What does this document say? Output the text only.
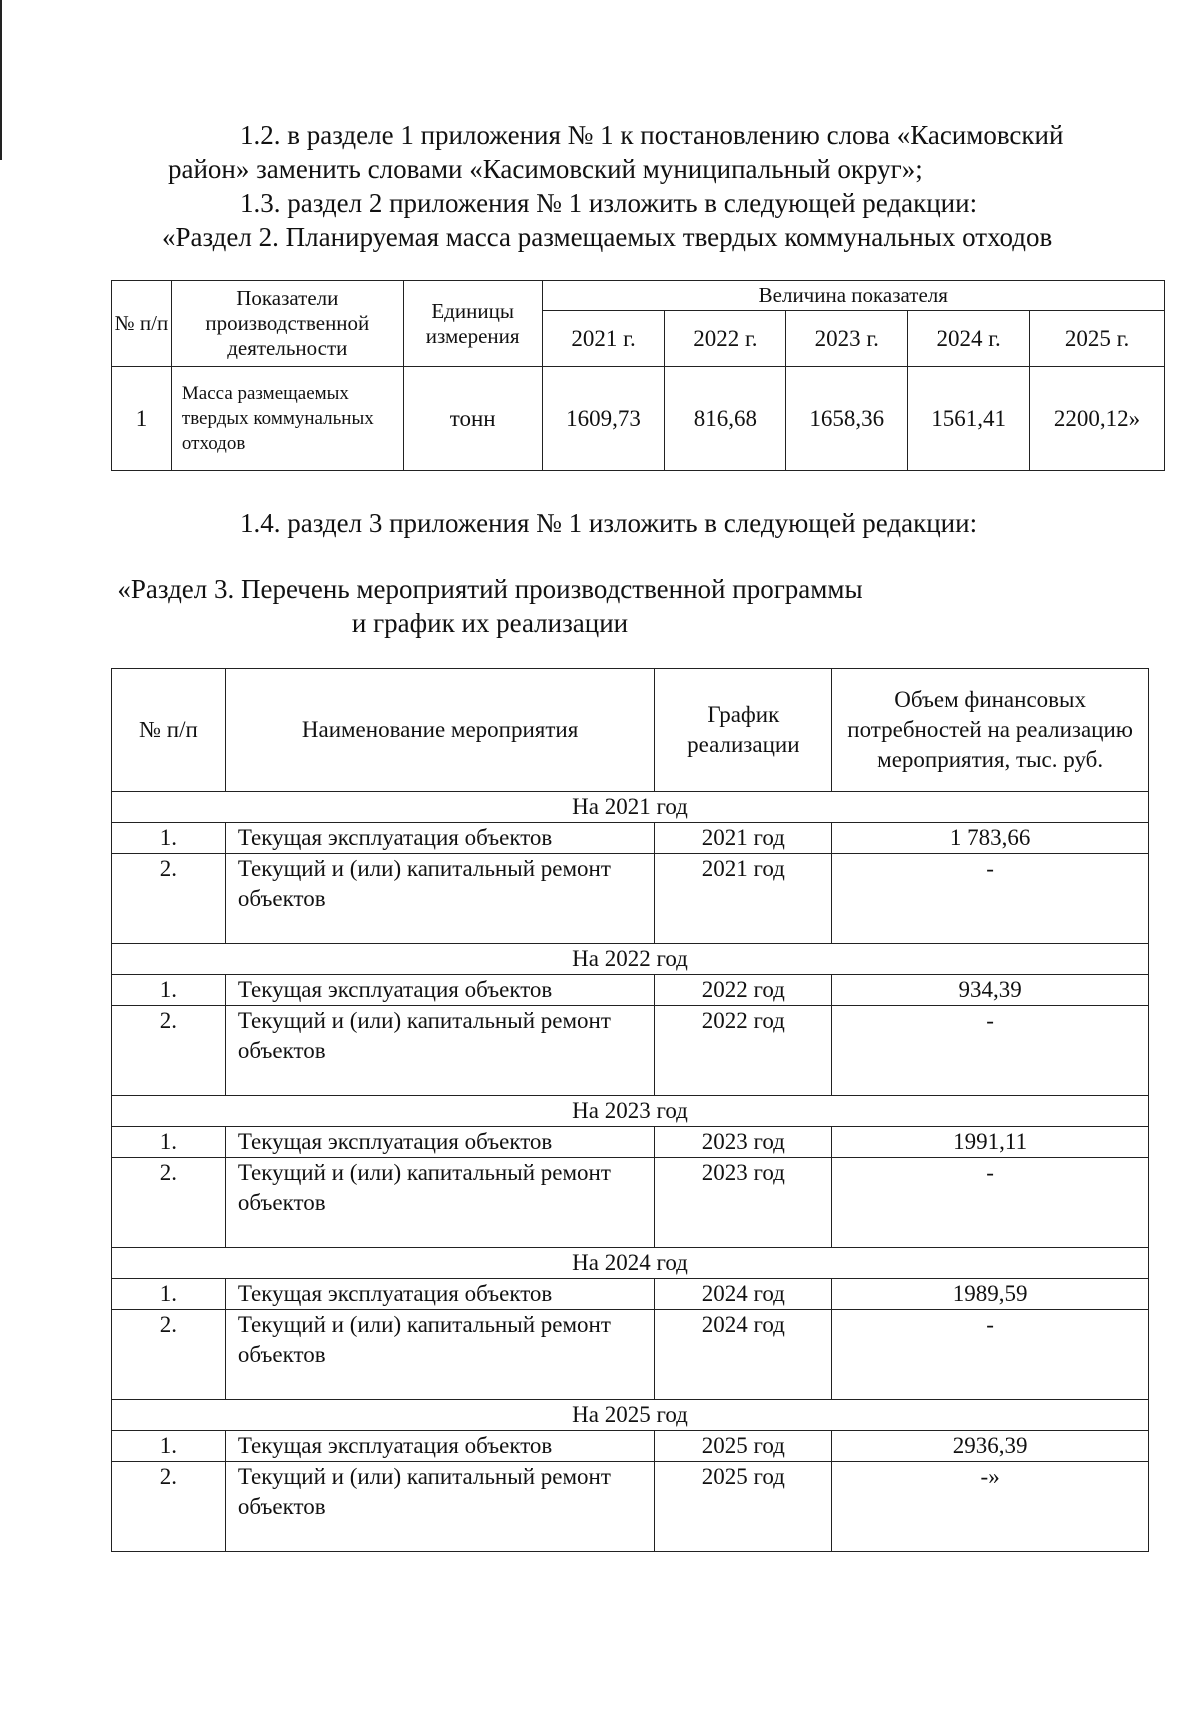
1.2. в разделе 1 приложения № 1 к постановлению слова «Касимовский
район» заменить словами «Касимовский муниципальный округ»;
1.3. раздел 2 приложения № 1 изложить в следующей редакции:
«Раздел 2. Планируемая масса размещаемых твердых коммунальных отходов
№ п/п	Показатели производственной деятельности	Единицы измерения	Величина показателя				
			2021 г.	2022 г.	2023 г.	2024 г.	2025 г.
1	Масса размещаемых твердых коммунальных отходов	тонн	1609,73	816,68	1658,36	1561,41	2200,12»
1.4. раздел 3 приложения № 1 изложить в следующей редакции:
«Раздел 3. Перечень мероприятий производственной программы
и график их реализации
№ п/п	Наименование мероприятия	График реализации	Объем финансовых потребностей на реализацию мероприятия, тыс. руб.
На 2021 год			
1.	Текущая эксплуатация объектов	2021 год	1 783,66
2.	Текущий и (или) капитальный ремонт объектов	2021 год	-
На 2022 год			
1.	Текущая эксплуатация объектов	2022 год	934,39
2.	Текущий и (или) капитальный ремонт объектов	2022 год	-
На 2023 год			
1.	Текущая эксплуатация объектов	2023 год	1991,11
2.	Текущий и (или) капитальный ремонт объектов	2023 год	-
На 2024 год			
1.	Текущая эксплуатация объектов	2024 год	1989,59
2.	Текущий и (или) капитальный ремонт объектов	2024 год	-
На 2025 год			
1.	Текущая эксплуатация объектов	2025 год	2936,39
2.	Текущий и (или) капитальный ремонт объектов	2025 год	-»
